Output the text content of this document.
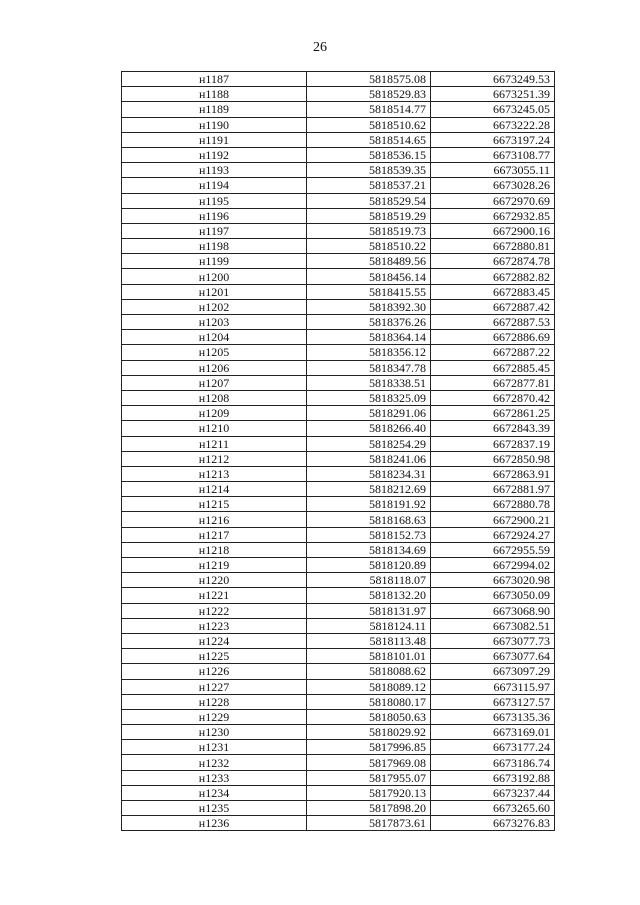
26
н1187	5818575.08	6673249.53
н1188	5818529.83	6673251.39
н1189	5818514.77	6673245.05
н1190	5818510.62	6673222.28
н1191	5818514.65	6673197.24
н1192	5818536.15	6673108.77
н1193	5818539.35	6673055.11
н1194	5818537.21	6673028.26
н1195	5818529.54	6672970.69
н1196	5818519.29	6672932.85
н1197	5818519.73	6672900.16
н1198	5818510.22	6672880.81
н1199	5818489.56	6672874.78
н1200	5818456.14	6672882.82
н1201	5818415.55	6672883.45
н1202	5818392.30	6672887.42
н1203	5818376.26	6672887.53
н1204	5818364.14	6672886.69
н1205	5818356.12	6672887.22
н1206	5818347.78	6672885.45
н1207	5818338.51	6672877.81
н1208	5818325.09	6672870.42
н1209	5818291.06	6672861.25
н1210	5818266.40	6672843.39
н1211	5818254.29	6672837.19
н1212	5818241.06	6672850.98
н1213	5818234.31	6672863.91
н1214	5818212.69	6672881.97
н1215	5818191.92	6672880.78
н1216	5818168.63	6672900.21
н1217	5818152.73	6672924.27
н1218	5818134.69	6672955.59
н1219	5818120.89	6672994.02
н1220	5818118.07	6673020.98
н1221	5818132.20	6673050.09
н1222	5818131.97	6673068.90
н1223	5818124.11	6673082.51
н1224	5818113.48	6673077.73
н1225	5818101.01	6673077.64
н1226	5818088.62	6673097.29
н1227	5818089.12	6673115.97
н1228	5818080.17	6673127.57
н1229	5818050.63	6673135.36
н1230	5818029.92	6673169.01
н1231	5817996.85	6673177.24
н1232	5817969.08	6673186.74
н1233	5817955.07	6673192.88
н1234	5817920.13	6673237.44
н1235	5817898.20	6673265.60
н1236	5817873.61	6673276.83
